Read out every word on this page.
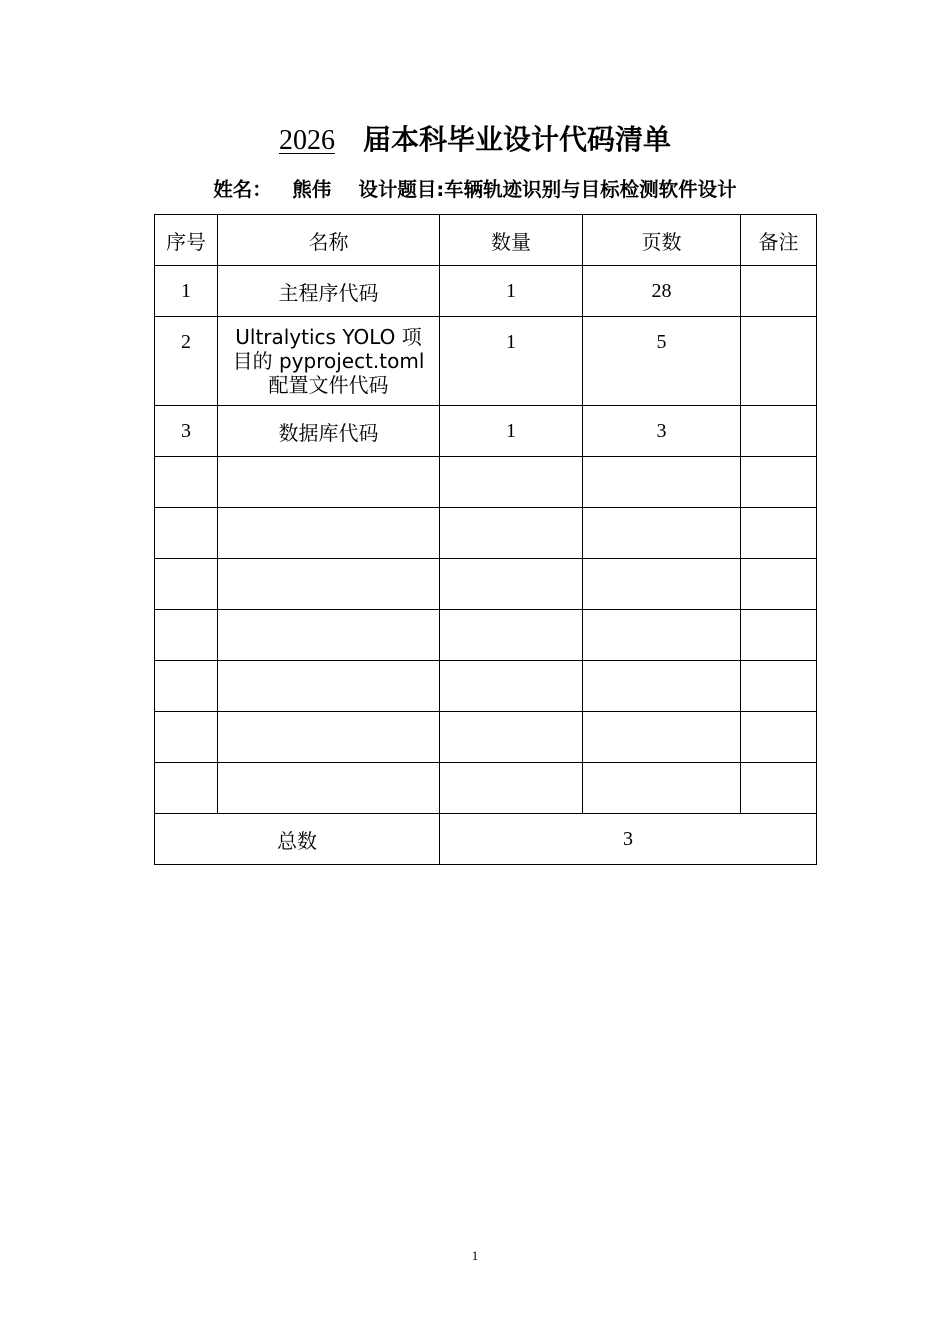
2026 届本科毕业设计代码清单
姓名： 熊伟 设计题目:车辆轨迹识别与目标检测软件设计
序号	名称	数量	页数	备注
1	主程序代码	1	28	
2	Ultralytics YOLO 项目的 pyproject.toml 配置文件代码	1	5	
3	数据库代码	1	3	

总数		3		
1
